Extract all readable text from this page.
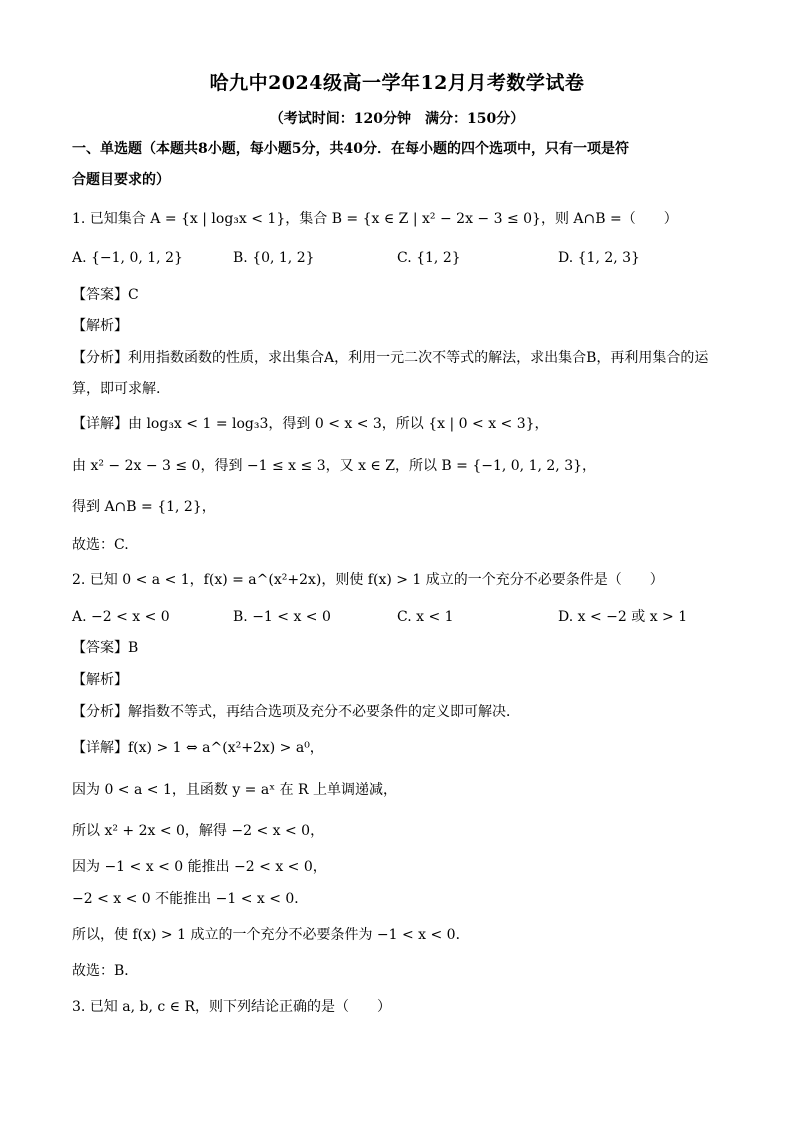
哈九中2024级高一学年12月月考数学试卷
（考试时间：120分钟　满分：150分）
一、单选题（本题共8小题，每小题5分，共40分．在每小题的四个选项中，只有一项是符
合题目要求的）
1. 已知集合 A = {x | log₃x < 1}，集合 B = {x ∈ Z | x² − 2x − 3 ≤ 0}，则 A∩B =（　　）
A. {−1, 0, 1, 2}	B. {0, 1, 2}	C. {1, 2}	D. {1, 2, 3}
【答案】C
【解析】
【分析】利用指数函数的性质，求出集合A，利用一元二次不等式的解法，求出集合B，再利用集合的运
算，即可求解.
【详解】由 log₃x < 1 = log₃3，得到 0 < x < 3，所以 {x | 0 < x < 3}，
由 x² − 2x − 3 ≤ 0，得到 −1 ≤ x ≤ 3，又 x ∈ Z，所以 B = {−1, 0, 1, 2, 3}，
得到 A∩B = {1, 2}，
故选：C.
2. 已知 0 < a < 1，f(x) = a^(x²+2x)，则使 f(x) > 1 成立的一个充分不必要条件是（　　）
A. −2 < x < 0	B. −1 < x < 0	C. x < 1	D. x < −2 或 x > 1
【答案】B
【解析】
【分析】解指数不等式，再结合选项及充分不必要条件的定义即可解决．
【详解】f(x) > 1 ⇔ a^(x²+2x) > a⁰，
因为 0 < a < 1，且函数 y = aˣ 在 R 上单调递减，
所以 x² + 2x < 0，解得 −2 < x < 0，
因为 −1 < x < 0 能推出 −2 < x < 0，
−2 < x < 0 不能推出 −1 < x < 0．
所以，使 f(x) > 1 成立的一个充分不必要条件为 −1 < x < 0．
故选：B．
3. 已知 a, b, c ∈ R，则下列结论正确的是（　　）
